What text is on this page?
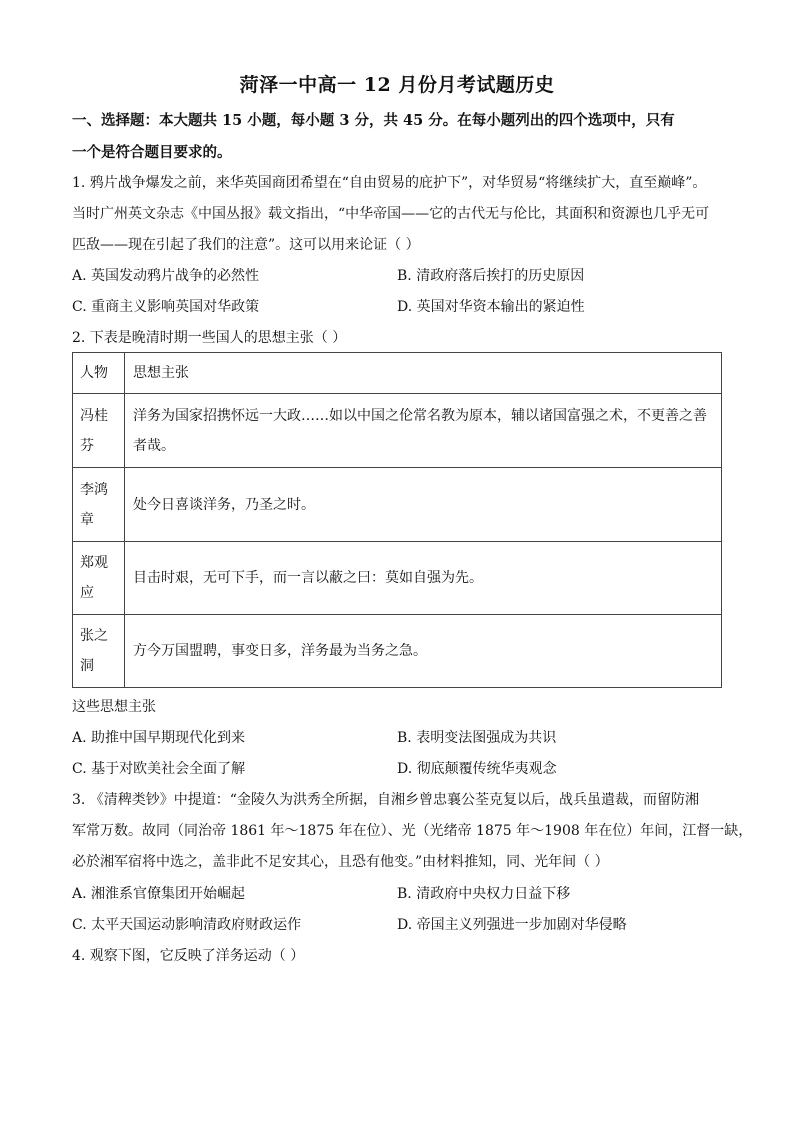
菏泽一中高一 12 月份月考试题历史
一、选择题：本大题共 15 小题，每小题 3 分，共 45 分。在每小题列出的四个选项中，只有
一个是符合题目要求的。
1. 鸦片战争爆发之前，来华英国商团希望在“自由贸易的庇护下”，对华贸易“将继续扩大，直至巅峰”。
当时广州英文杂志《中国丛报》载文指出，“中华帝国——它的古代无与伦比，其面积和资源也几乎无可
匹敌——现在引起了我们的注意”。这可以用来论证（ ）
A. 英国发动鸦片战争的必然性	B. 清政府落后挨打的历史原因
C. 重商主义影响英国对华政策	D. 英国对华资本输出的紧迫性
2. 下表是晚清时期一些国人的思想主张（ ）
人物	思想主张

冯桂
芬	洋务为国家招携怀远一大政……如以中国之伦常名教为原本，辅以诸国富强之术，不更善之善者哉。

李鸿
章	处今日喜谈洋务，乃圣之时。

郑观
应	目击时艰，无可下手，而一言以蔽之曰：莫如自强为先。

张之
洞	方今万国盟聘，事变日多，洋务最为当务之急。
这些思想主张
A. 助推中国早期现代化到来	B. 表明变法图强成为共识
C. 基于对欧美社会全面了解	D. 彻底颠覆传统华夷观念
3. 《清稗类钞》中提道：“金陵久为洪秀全所据，自湘乡曾忠襄公荃克复以后，战兵虽遣裁，而留防湘
军常万数。故同（同治帝 1861 年～1875 年在位）、光（光绪帝 1875 年～1908 年在位）年间，江督一缺，
必於湘军宿将中选之，盖非此不足安其心，且恐有他变。”由材料推知，同、光年间（ ）
A. 湘淮系官僚集团开始崛起	B. 清政府中央权力日益下移
C. 太平天国运动影响清政府财政运作	D. 帝国主义列强进一步加剧对华侵略
4. 观察下图，它反映了洋务运动（ ）
